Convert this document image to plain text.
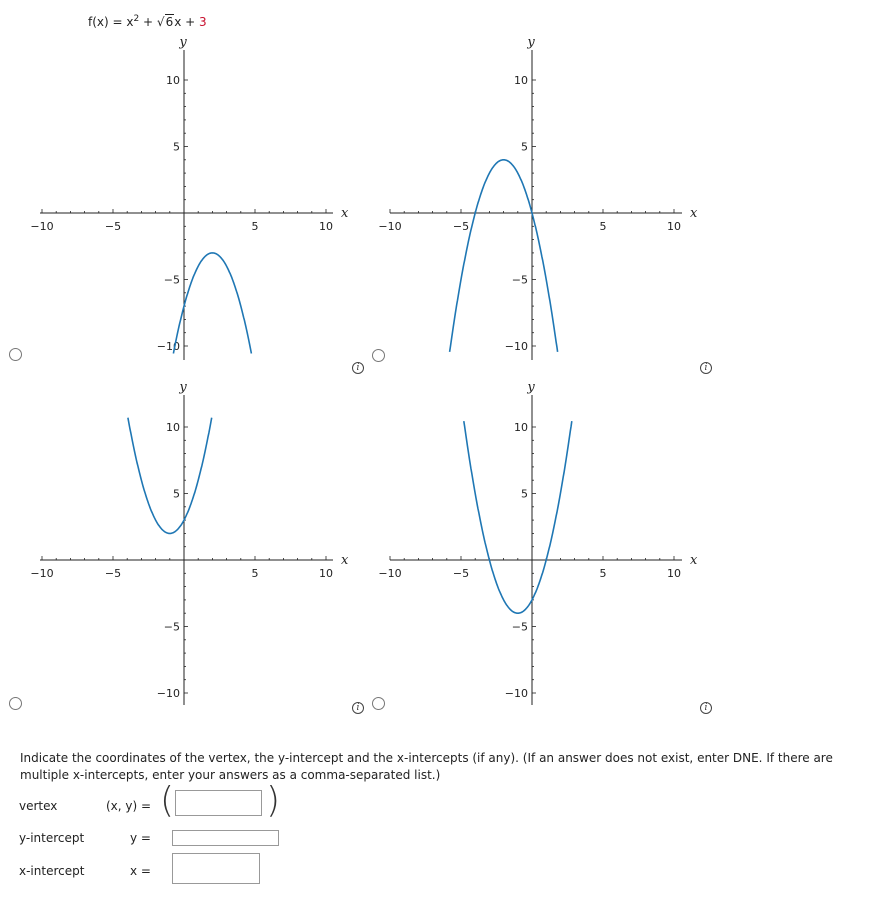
$f(x) = x^2 + √6x + 3$
−10
−10
−5
−5
5
5
10
10
x
y
−10
−10
−5
−5
5
5
10
10
x
y
−10
−10
−5
−5
5
5
10
10
x
y
−10
−10
−5
−5
5
5
10
10
x
y
i	i
i	i
Indicate the coordinates of the vertex, the y-intercept and the x-intercepts (if any). (If an answer does not exist, enter DNE. If there are multiple x-intercepts, enter your answers as a comma-separated list.)
vertex	(x, y) = (	)
y-intercept	y =
x-intercept	x =
